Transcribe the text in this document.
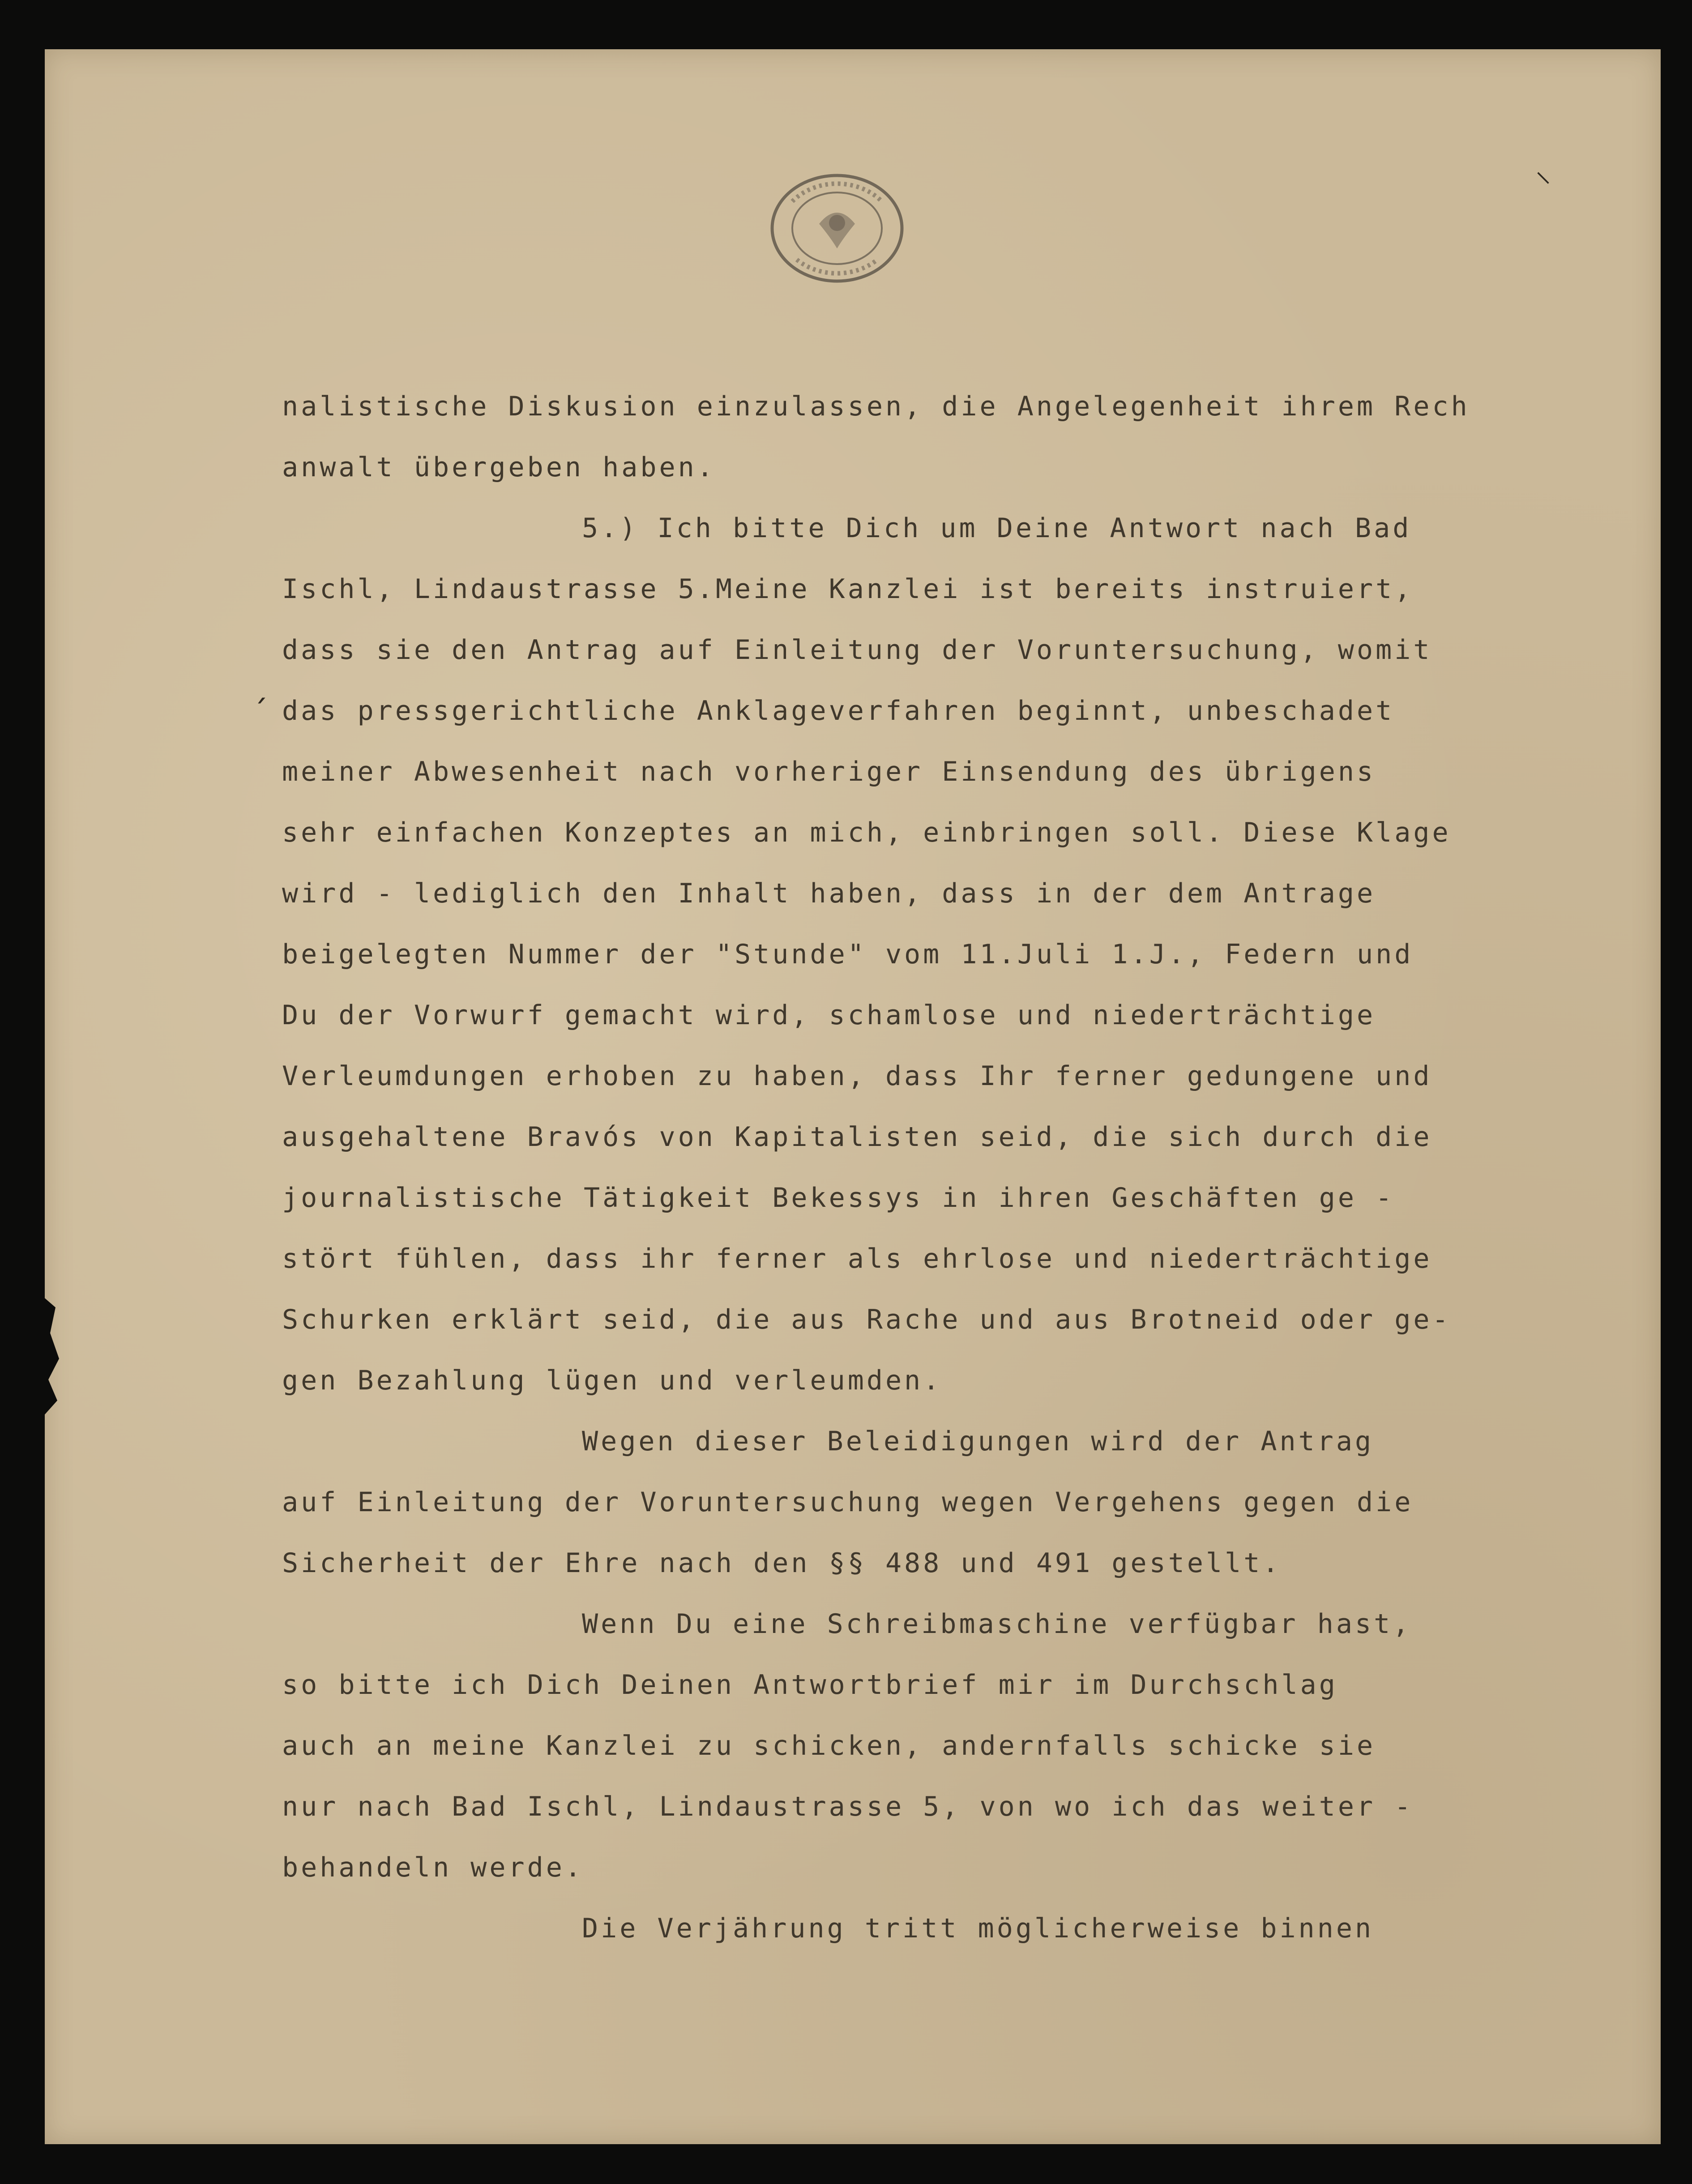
⸜
´
nalistische Diskusion einzulassen, die Angelegenheit ihrem Rech
anwalt übergeben haben.
5.) Ich bitte Dich um Deine Antwort nach Bad
Ischl, Lindaustrasse 5.Meine Kanzlei ist bereits instruiert,
dass sie den Antrag auf Einleitung der Voruntersuchung, womit
das pressgerichtliche Anklageverfahren beginnt, unbeschadet
meiner Abwesenheit nach vorheriger Einsendung des übrigens
sehr einfachen Konzeptes an mich, einbringen soll. Diese Klage
wird - lediglich den Inhalt haben, dass in der dem Antrage
beigelegten Nummer der "Stunde" vom 11.Juli 1.J., Federn und
Du der Vorwurf gemacht wird, schamlose und niederträchtige
Verleumdungen erhoben zu haben, dass Ihr ferner gedungene und
ausgehaltene Bravós von Kapitalisten seid, die sich durch die
journalistische Tätigkeit Bekessys in ihren Geschäften ge -
stört fühlen, dass ihr ferner als ehrlose und niederträchtige
Schurken erklärt seid, die aus Rache und aus Brotneid oder ge-
gen Bezahlung lügen und verleumden.
Wegen dieser Beleidigungen wird der Antrag
auf Einleitung der Voruntersuchung wegen Vergehens gegen die
Sicherheit der Ehre nach den §§ 488 und 491 gestellt.
Wenn Du eine Schreibmaschine verfügbar hast,
so bitte ich Dich Deinen Antwortbrief mir im Durchschlag
auch an meine Kanzlei zu schicken, andernfalls schicke sie
nur nach Bad Ischl, Lindaustrasse 5, von wo ich das weiter -
behandeln werde.
Die Verjährung tritt möglicherweise binnen
